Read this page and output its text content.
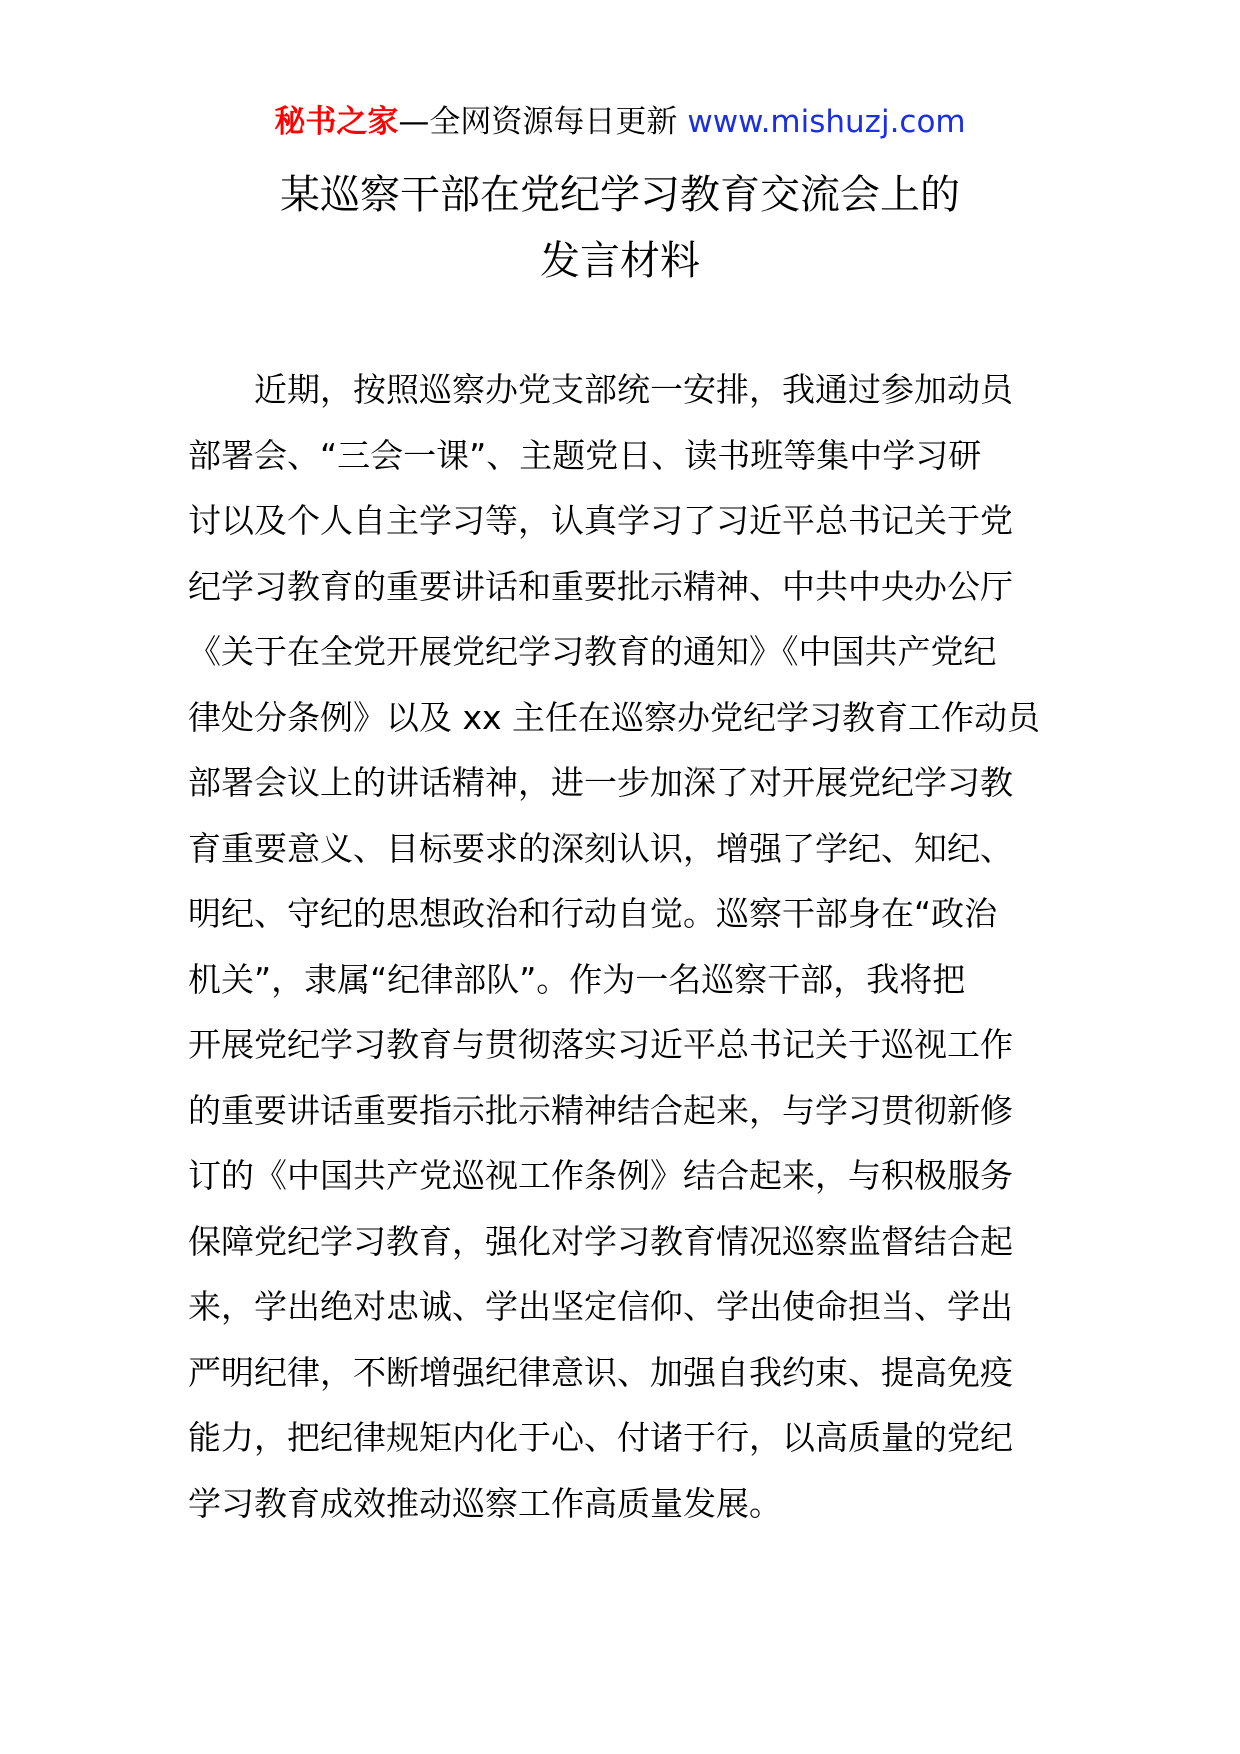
秘书之家—全网资源每日更新 www.mishuzj.com
某巡察干部在党纪学习教育交流会上的
发言材料
近期，按照巡察办党支部统一安排，我通过参加动员
部署会、“三会一课”、主题党日、读书班等集中学习研
讨以及个人自主学习等，认真学习了习近平总书记关于党
纪学习教育的重要讲话和重要批示精神、中共中央办公厅
《关于在全党开展党纪学习教育的通知》《中国共产党纪
律处分条例》以及 xx 主任在巡察办党纪学习教育工作动员
部署会议上的讲话精神，进一步加深了对开展党纪学习教
育重要意义、目标要求的深刻认识，增强了学纪、知纪、
明纪、守纪的思想政治和行动自觉。巡察干部身在“政治
机关”，隶属“纪律部队”。作为一名巡察干部，我将把
开展党纪学习教育与贯彻落实习近平总书记关于巡视工作
的重要讲话重要指示批示精神结合起来，与学习贯彻新修
订的《中国共产党巡视工作条例》结合起来，与积极服务
保障党纪学习教育，强化对学习教育情况巡察监督结合起
来，学出绝对忠诚、学出坚定信仰、学出使命担当、学出
严明纪律，不断增强纪律意识、加强自我约束、提高免疫
能力，把纪律规矩内化于心、付诸于行，以高质量的党纪
学习教育成效推动巡察工作高质量发展。
